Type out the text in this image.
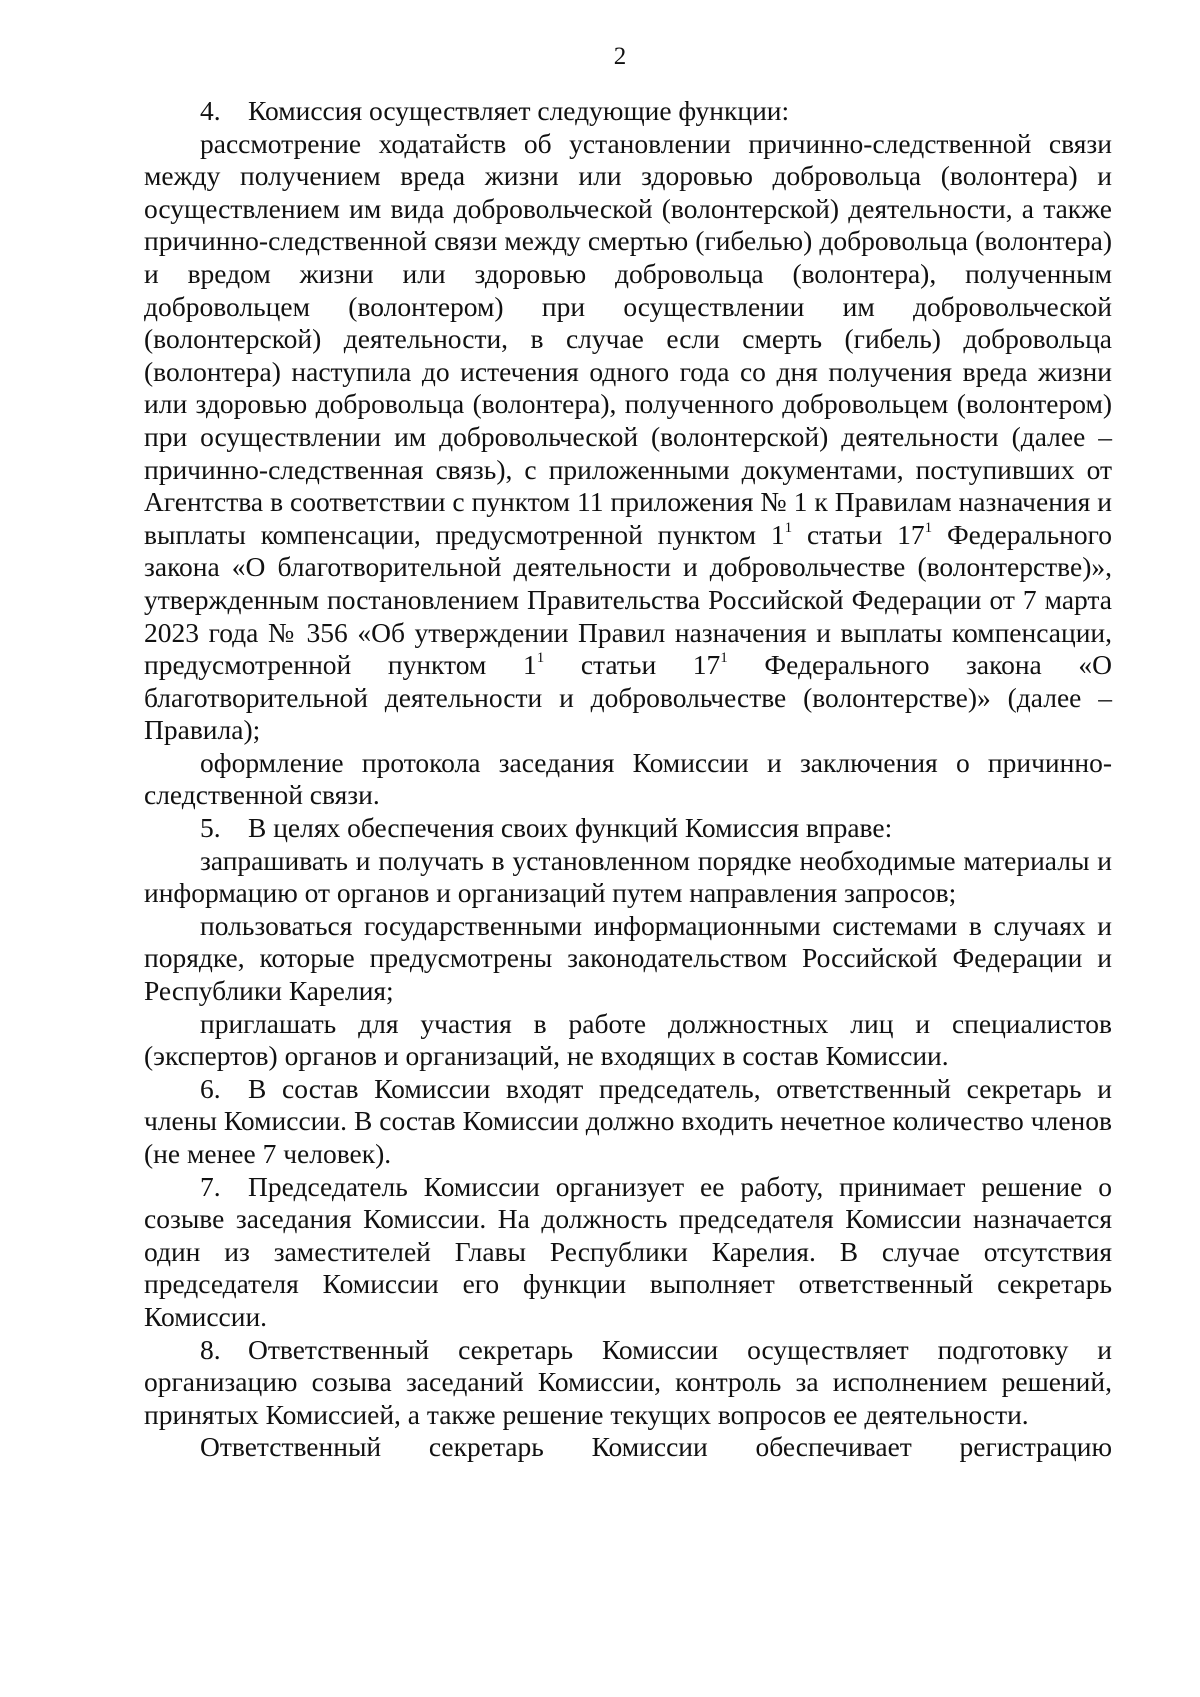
2

4. Комиссия осуществляет следующие функции:

рассмотрение ходатайств об установлении причинно-следственной связи между получением вреда жизни или здоровью добровольца (волонтера) и осуществлением им вида добровольческой (волонтерской) деятельности, а также причинно-следственной связи между смертью (гибелью) добровольца (волонтера) и вредом жизни или здоровью добровольца (волонтера), полученным добровольцем (волонтером) при осуществлении им добровольческой (волонтерской) деятельности, в случае если смерть (гибель) добровольца (волонтера) наступила до истечения одного года со дня получения вреда жизни или здоровью добровольца (волонтера), полученного добровольцем (волонтером) при осуществлении им добровольческой (волонтерской) деятельности (далее – причинно-следственная связь), с приложенными документами, поступивших от Агентства в соответствии с пунктом 11 приложения № 1 к Правилам назначения и выплаты компенсации, предусмотренной пунктом $1^1$ статьи $17^1$ Федерального закона «О благотворительной деятельности и добровольчестве (волонтерстве)», утвержденным постановлением Правительства Российской Федерации от 7 марта 2023 года № 356 «Об утверждении Правил назначения и выплаты компенсации, предусмотренной пунктом $1^1$ статьи $17^1$ Федерального закона «О благотворительной деятельности и добровольчестве (волонтерстве)» (далее – Правила);

оформление протокола заседания Комиссии и заключения о причинно-следственной связи.

5. В целях обеспечения своих функций Комиссия вправе:

запрашивать и получать в установленном порядке необходимые материалы и информацию от органов и организаций путем направления запросов;

пользоваться государственными информационными системами в случаях и порядке, которые предусмотрены законодательством Российской Федерации и Республики Карелия;

приглашать для участия в работе должностных лиц и специалистов (экспертов) органов и организаций, не входящих в состав Комиссии.

6. В состав Комиссии входят председатель, ответственный секретарь и члены Комиссии. В состав Комиссии должно входить нечетное количество членов (не менее 7 человек).

7. Председатель Комиссии организует ее работу, принимает решение о созыве заседания Комиссии. На должность председателя Комиссии назначается один из заместителей Главы Республики Карелия. В случае отсутствия председателя Комиссии его функции выполняет ответственный секретарь Комиссии.

8. Ответственный секретарь Комиссии осуществляет подготовку и организацию созыва заседаний Комиссии, контроль за исполнением решений, принятых Комиссией, а также решение текущих вопросов ее деятельности.

Ответственный секретарь Комиссии обеспечивает регистрацию
